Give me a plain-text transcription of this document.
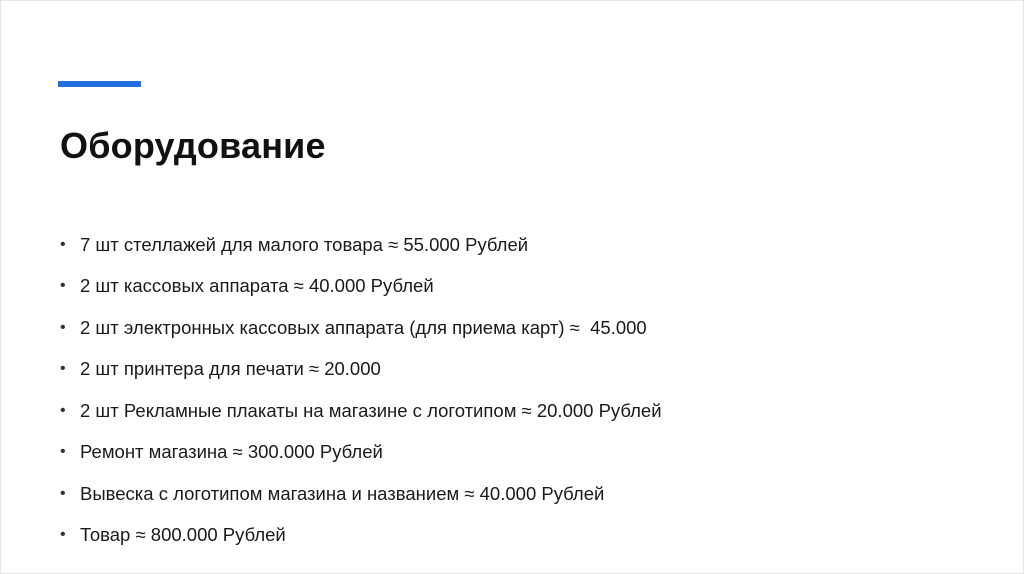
Оборудование
• 7 шт стеллажей для малого товара ≈ 55.000 Рублей
• 2 шт кассовых аппарата ≈ 40.000 Рублей
• 2 шт электронных кассовых аппарата (для приема карт) ≈  45.000
• 2 шт принтера для печати ≈ 20.000
• 2 шт Рекламные плакаты на магазине с логотипом ≈ 20.000 Рублей
• Ремонт магазина ≈ 300.000 Рублей
• Вывеска с логотипом магазина и названием ≈ 40.000 Рублей
• Товар ≈ 800.000 Рублей
